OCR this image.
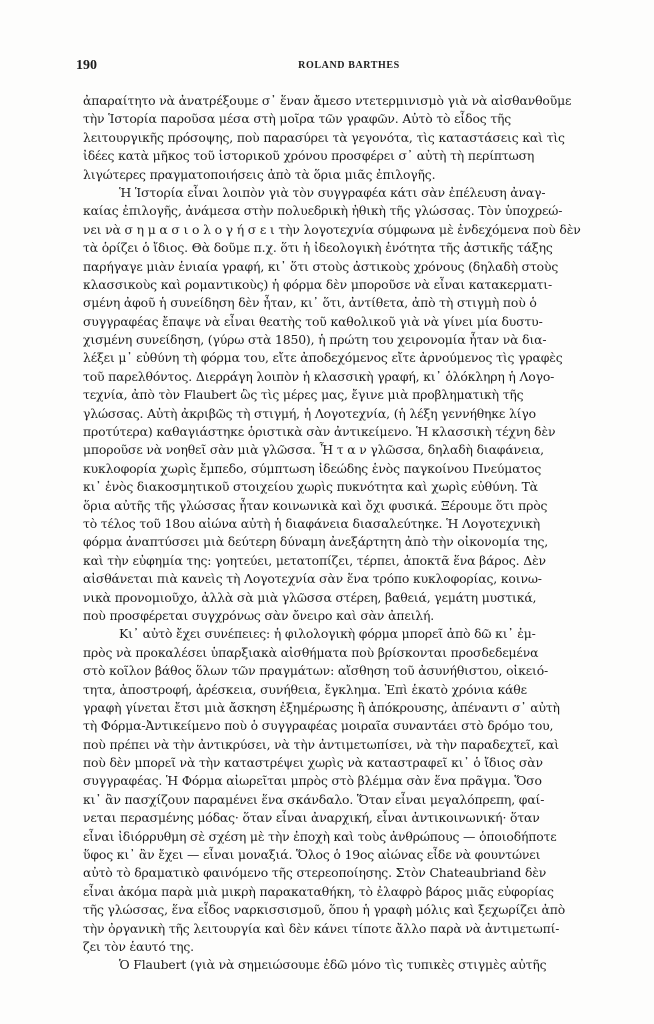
190	ROLAND BARTHES
ἀπαραίτητο νὰ ἀνατρέξουμε σ᾽ ἕναν ἄμεσο ντετερμινισμὸ γιὰ νὰ αἰσθανθοῦμε
τὴν Ἱστορία παροῦσα μέσα στὴ μοῖρα τῶν γραφῶν. Αὐτὸ τὸ εἶδος τῆς
λειτουργικῆς πρόσοψης, ποὺ παρασύρει τὰ γεγονότα, τὶς καταστάσεις καὶ τὶς
ἰδέες κατὰ μῆκος τοῦ ἱστορικοῦ χρόνου προσφέρει σ᾽ αὐτὴ τὴ περίπτωση
λιγώτερες πραγματοποιήσεις ἀπὸ τὰ ὅρια μιᾶς ἐπιλογῆς.
Ἡ Ἱστορία εἶναι λοιπὸν γιὰ τὸν συγγραφέα κάτι σὰν ἐπέλευση ἀναγ-
καίας ἐπιλογῆς, ἀνάμεσα στὴν πολυεδρικὴ ἠθικὴ τῆς γλώσσας. Τὸν ὑποχρεώ-
νει νὰ σ η μ α σ ι ο λ ο γ ή σ ε ι τὴν λογοτεχνία σύμφωνα μὲ ἐνδεχόμενα ποὺ δὲν
τὰ ὁρίζει ὁ ἴδιος. Θὰ δοῦμε π.χ. ὅτι ἡ ἰδεολογικὴ ἑνότητα τῆς ἀστικῆς τάξης
παρήγαγε μιὰν ἑνιαία γραφή, κι᾽ ὅτι στοὺς ἀστικοὺς χρόνους (δηλαδὴ στοὺς
κλασσικοὺς καὶ ρομαντικοὺς) ἡ φόρμα δὲν μποροῦσε νὰ εἶναι κατακερματι-
σμένη ἀφοῦ ἡ συνείδηση δὲν ἦταν, κι᾽ ὅτι, ἀντίθετα, ἀπὸ τὴ στιγμὴ ποὺ ὁ
συγγραφέας ἔπαψε νὰ εἶναι θεατὴς τοῦ καθολικοῦ γιὰ νὰ γίνει μία δυστυ-
χισμένη συνείδηση, (γύρω στὰ 1850), ἡ πρώτη του χειρονομία ἦταν νὰ δια-
λέξει μ᾽ εὐθύνη τὴ φόρμα του, εἴτε ἀποδεχόμενος εἴτε ἀρνούμενος τὶς γραφὲς
τοῦ παρελθόντος. Διερράγη λοιπὸν ἡ κλασσικὴ γραφή, κι᾽ ὁλόκληρη ἡ Λογο-
τεχνία, ἀπὸ τὸν Flaubert ὣς τὶς μέρες μας, ἔγινε μιὰ προβληματικὴ τῆς
γλώσσας. Αὐτὴ ἀκριβῶς τὴ στιγμή, ἡ Λογοτεχνία, (ἡ λέξη γεννήθηκε λίγο
προτύτερα) καθαγιάστηκε ὁριστικὰ σὰν ἀντικείμενο. Ἡ κλασσικὴ τέχνη δὲν
μποροῦσε νὰ νοηθεῖ σὰν μιὰ γλῶσσα. Ἦ τ α ν γλῶσσα, δηλαδὴ διαφάνεια,
κυκλοφορία χωρὶς ἔμπεδο, σύμπτωση ἰδεώδης ἑνὸς παγκοίνου Πνεύματος
κι᾽ ἑνὸς διακοσμητικοῦ στοιχείου χωρὶς πυκνότητα καὶ χωρὶς εὐθύνη. Τὰ
ὅρια αὐτῆς τῆς γλώσσας ἦταν κοινωνικὰ καὶ ὄχι φυσικά. Ξέρουμε ὅτι πρὸς
τὸ τέλος τοῦ 18ου αἰώνα αὐτὴ ἡ διαφάνεια διασαλεύτηκε. Ἡ Λογοτεχνικὴ
φόρμα ἀναπτύσσει μιὰ δεύτερη δύναμη ἀνεξάρτητη ἀπὸ τὴν οἰκονομία της,
καὶ τὴν εὐφημία της: γοητεύει, μετατοπίζει, τέρπει, ἀποκτᾶ ἕνα βάρος. Δὲν
αἰσθάνεται πιὰ κανεὶς τὴ Λογοτεχνία σὰν ἕνα τρόπο κυκλοφορίας, κοινω-
νικὰ προνομιοῦχο, ἀλλὰ σὰ μιὰ γλῶσσα στέρεη, βαθειά, γεμάτη μυστικά,
ποὺ προσφέρεται συγχρόνως σὰν ὄνειρο καὶ σὰν ἀπειλή.
Κι᾽ αὐτὸ ἔχει συνέπειες: ἡ φιλολογικὴ φόρμα μπορεῖ ἀπὸ δῶ κι᾽ ἐμ-
πρὸς νὰ προκαλέσει ὑπαρξιακὰ αἰσθήματα ποὺ βρίσκονται προσδεδεμένα
στὸ κοῖλον βάθος ὅλων τῶν πραγμάτων: αἴσθηση τοῦ ἀσυνήθιστου, οἰκειό-
τητα, ἀποστροφή, ἀρέσκεια, συνήθεια, ἔγκλημα. Ἐπὶ ἑκατὸ χρόνια κάθε
γραφὴ γίνεται ἔτσι μιὰ ἄσκηση ἐξημέρωσης ἢ ἀπόκρουσης, ἀπέναντι σ᾽ αὐτὴ
τὴ Φόρμα-Ἀντικείμενο ποὺ ὁ συγγραφέας μοιραῖα συναντάει στὸ δρόμο του,
ποὺ πρέπει νὰ τὴν ἀντικρύσει, νὰ τὴν ἀντιμετωπίσει, νὰ τὴν παραδεχτεῖ, καὶ
ποὺ δὲν μπορεῖ νὰ τὴν καταστρέψει χωρὶς νὰ καταστραφεῖ κι᾽ ὁ ἴδιος σὰν
συγγραφέας. Ἡ Φόρμα αἰωρεῖται μπρὸς στὸ βλέμμα σὰν ἕνα πρᾶγμα. Ὅσο
κι᾽ ἂν πασχίζουν παραμένει ἕνα σκάνδαλο. Ὅταν εἶναι μεγαλόπρεπη, φαί-
νεται περασμένης μόδας· ὅταν εἶναι ἀναρχική, εἶναι ἀντικοινωνική· ὅταν
εἶναι ἰδιόρρυθμη σὲ σχέση μὲ τὴν ἐποχὴ καὶ τοὺς ἀνθρώπους — ὁποιοδήποτε
ὕφος κι᾽ ἂν ἔχει — εἶναι μοναξιά. Ὅλος ὁ 19ος αἰώνας εἶδε νὰ φουντώνει
αὐτὸ τὸ δραματικὸ φαινόμενο τῆς στερεοποίησης. Στὸν Chateaubriand δὲν
εἶναι ἀκόμα παρὰ μιὰ μικρὴ παρακαταθήκη, τὸ ἐλαφρὸ βάρος μιᾶς εὐφορίας
τῆς γλώσσας, ἕνα εἶδος ναρκισσισμοῦ, ὅπου ἡ γραφὴ μόλις καὶ ξεχωρίζει ἀπὸ
τὴν ὀργανικὴ τῆς λειτουργία καὶ δὲν κάνει τίποτε ἄλλο παρὰ νὰ ἀντιμετωπί-
ζει τὸν ἑαυτό της.
Ὁ Flaubert (γιὰ νὰ σημειώσουμε ἐδῶ μόνο τὶς τυπικὲς στιγμὲς αὐτῆς
